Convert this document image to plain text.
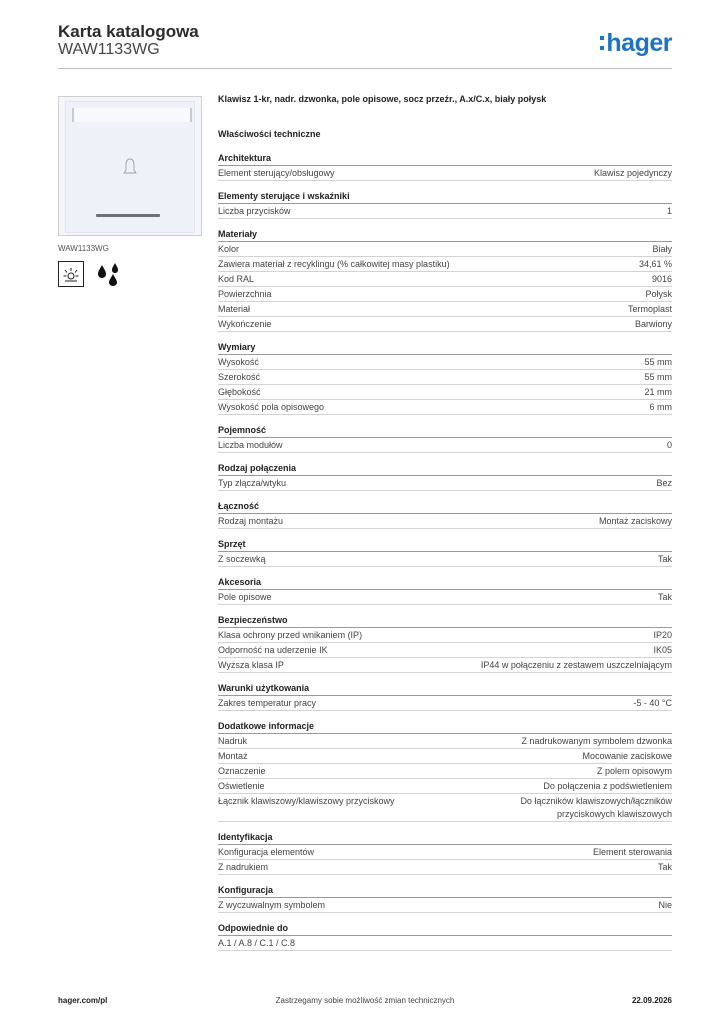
Karta katalogowa
WAW1133WG	hager
WAW1133WG
Klawisz 1-kr, nadr. dzwonka, pole opisowe, socz przeźr., A.x/C.x, biały połysk
Właściwości techniczne
Architektura
Element sterujący/obsługowy	Klawisz pojedynczy
Elementy sterujące i wskaźniki
Liczba przycisków	1
Materiały
Kolor	Biały
Zawiera materiał z recyklingu (% całkowitej masy plastiku)	34,61 %
Kod RAL	9016
Powierzchnia	Połysk
Materiał	Termoplast
Wykończenie	Barwiony
Wymiary
Wysokość	55 mm
Szerokość	55 mm
Głębokość	21 mm
Wysokość pola opisowego	6 mm
Pojemność
Liczba modułów	0
Rodzaj połączenia
Typ złącza/wtyku	Bez
Łączność
Rodzaj montażu	Montaż zaciskowy
Sprzęt
Z soczewką	Tak
Akcesoria
Pole opisowe	Tak
Bezpieczeństwo
Klasa ochrony przed wnikaniem (IP)	IP20
Odporność na uderzenie IK	IK05
Wyższa klasa IP	IP44 w połączeniu z zestawem uszczelniającym
Warunki użytkowania
Zakres temperatur pracy	-5 - 40 °C
Dodatkowe informacje
Nadruk	Z nadrukowanym symbolem dzwonka
Montaż	Mocowanie zaciskowe
Oznaczenie	Z polem opisowym
Oświetlenie	Do połączenia z podświetleniem
Łącznik klawiszowy/klawiszowy przyciskowy	Do łączników klawiszowych/łączników przyciskowych klawiszowych
Identyfikacja
Konfiguracja elementów	Element sterowania
Z nadrukiem	Tak
Konfiguracja
Z wyczuwalnym symbolem	Nie
Odpowiednie do
A.1 / A.8 / C.1 / C.8
hager.com/pl	Zastrzegamy sobie możliwość zmian technicznych	22.09.2026
